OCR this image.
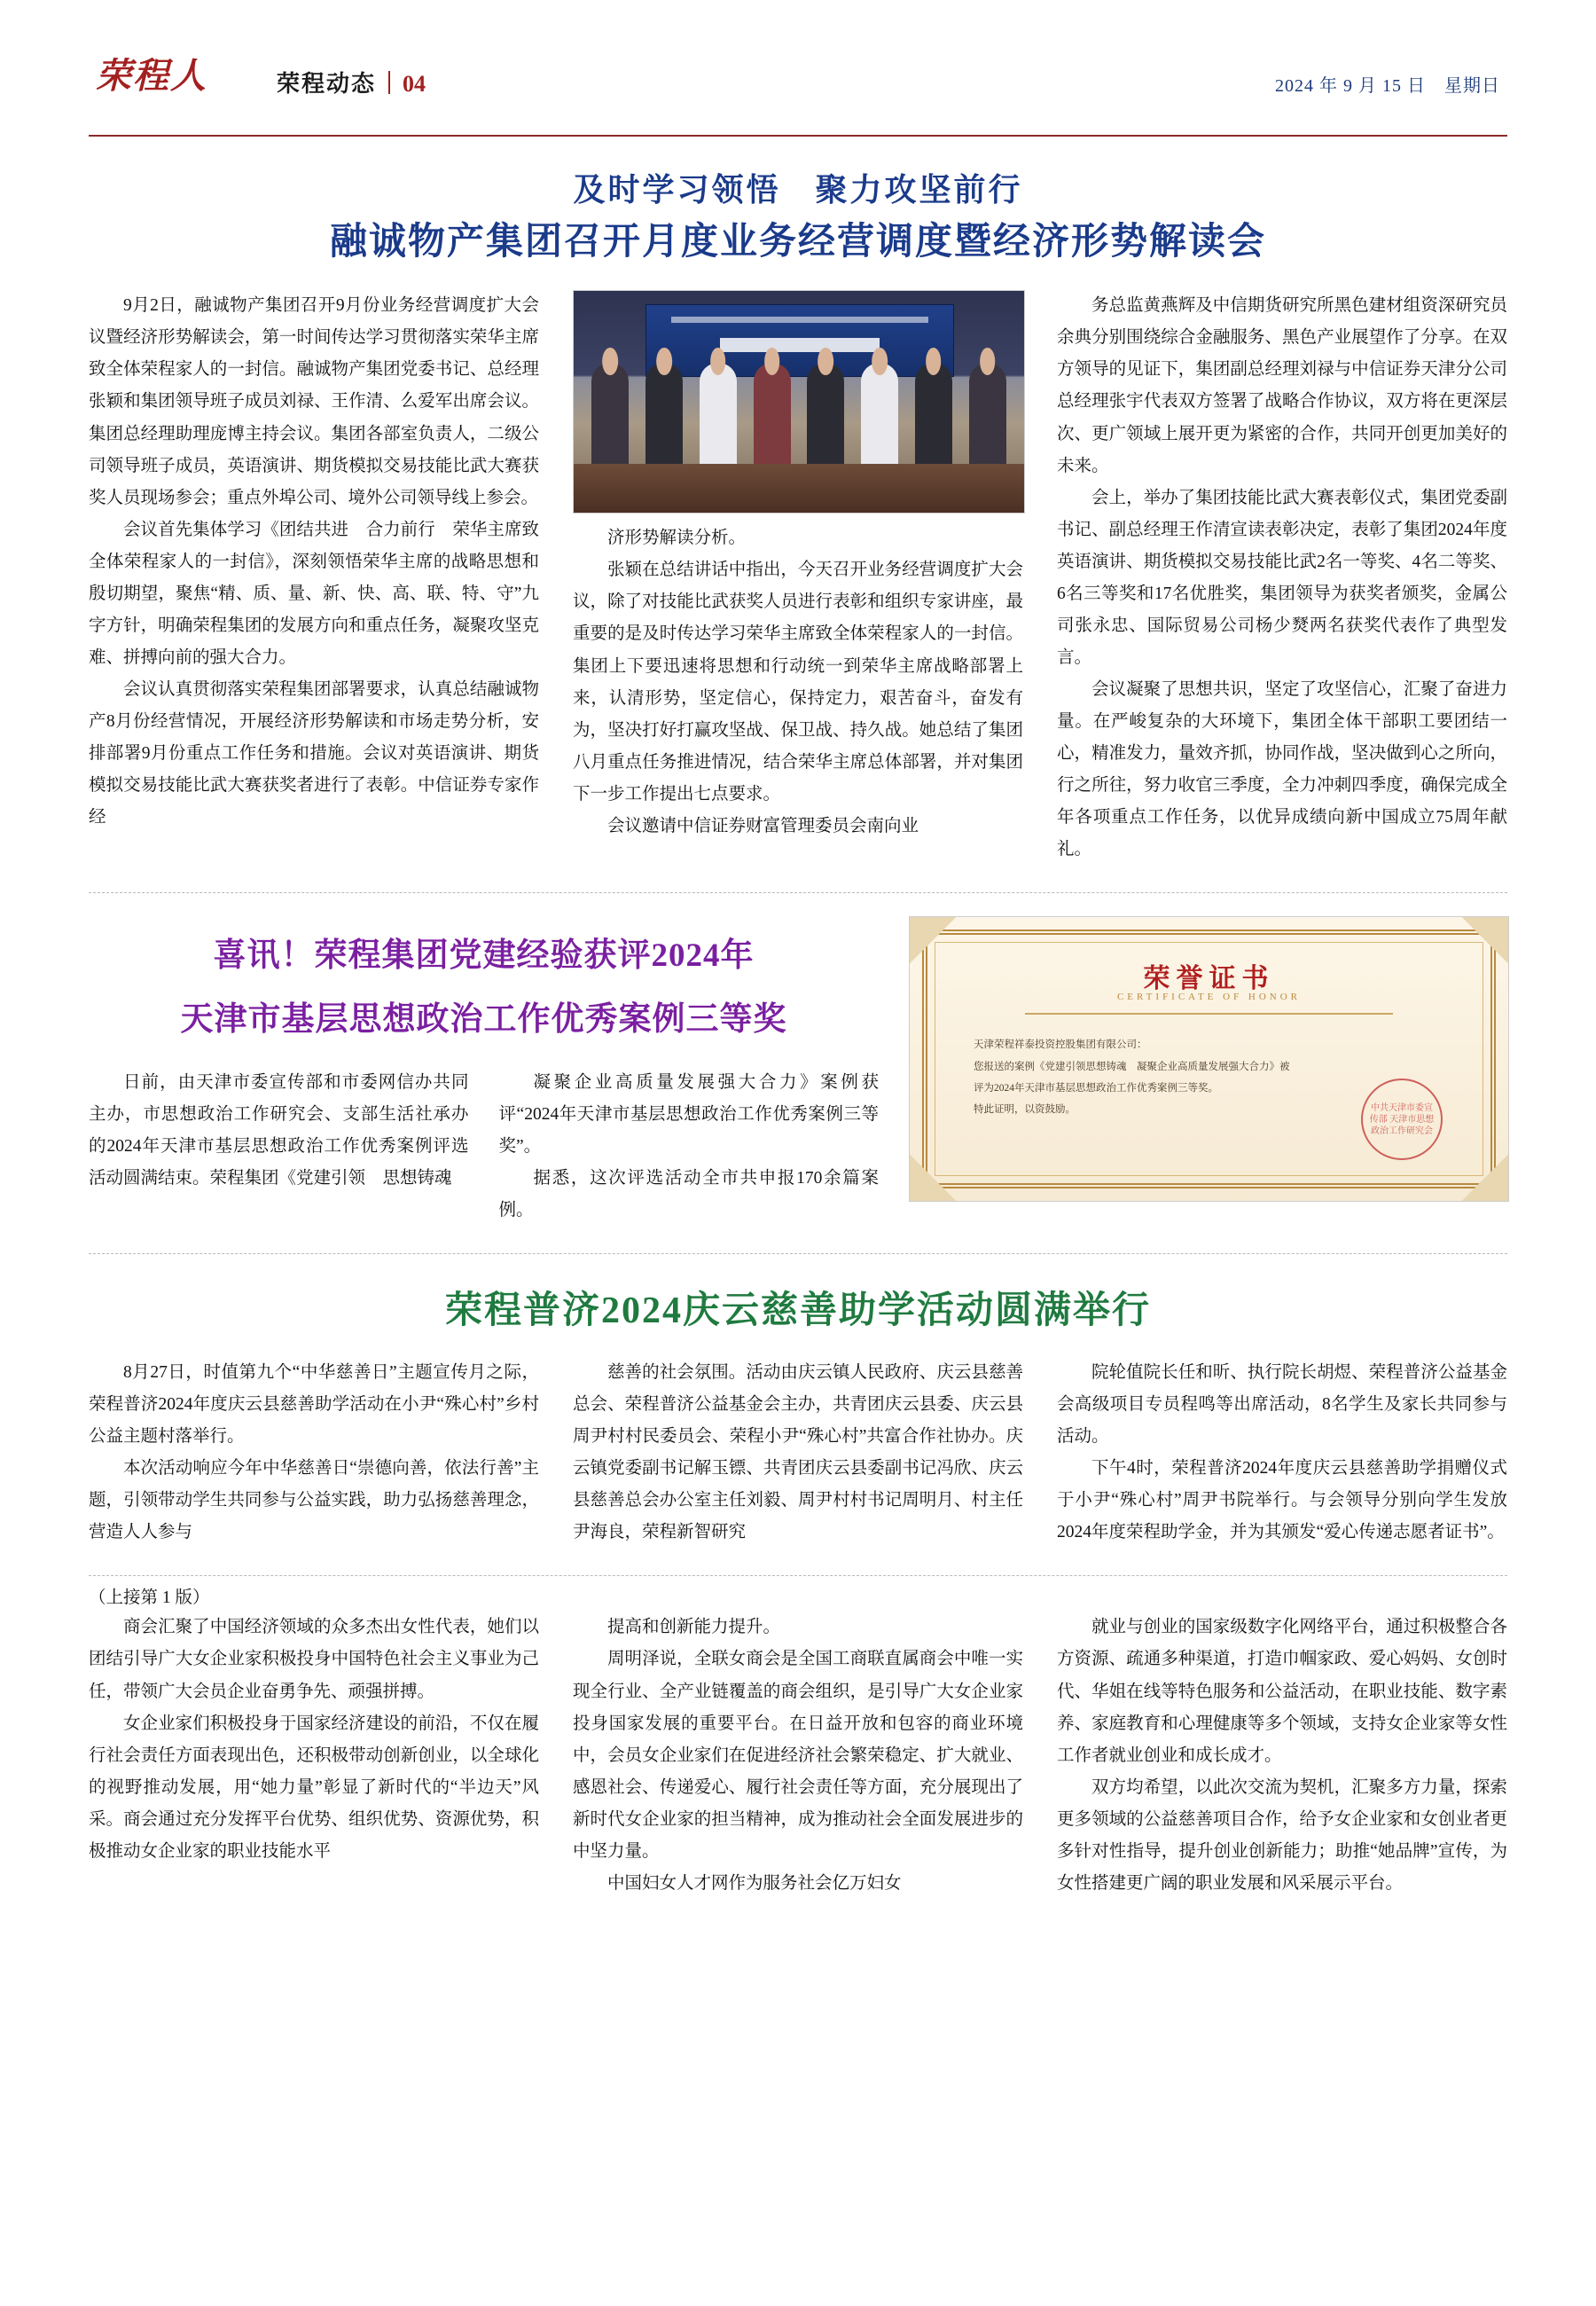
荣程人	荣程动态 04	2024 年 9 月 15 日　星期日
及时学习领悟　聚力攻坚前行
融诚物产集团召开月度业务经营调度暨经济形势解读会

9月2日，融诚物产集团召开9月份业务经营调度扩大会议暨经济形势解读会，第一时间传达学习贯彻落实荣华主席致全体荣程家人的一封信。融诚物产集团党委书记、总经理张颖和集团领导班子成员刘禄、王作清、么爱军出席会议。集团总经理助理庞博主持会议。集团各部室负责人，二级公司领导班子成员，英语演讲、期货模拟交易技能比武大赛获奖人员现场参会；重点外埠公司、境外公司领导线上参会。

会议首先集体学习《团结共进　合力前行　荣华主席致全体荣程家人的一封信》，深刻领悟荣华主席的战略思想和殷切期望，聚焦“精、质、量、新、快、高、联、特、守”九字方针，明确荣程集团的发展方向和重点任务，凝聚攻坚克难、拼搏向前的强大合力。

会议认真贯彻落实荣程集团部署要求，认真总结融诚物产8月份经营情况，开展经济形势解读和市场走势分析，安排部署9月份重点工作任务和措施。会议对英语演讲、期货模拟交易技能比武大赛获奖者进行了表彰。中信证券专家作经

济形势解读分析。

张颖在总结讲话中指出，今天召开业务经营调度扩大会议，除了对技能比武获奖人员进行表彰和组织专家讲座，最重要的是及时传达学习荣华主席致全体荣程家人的一封信。集团上下要迅速将思想和行动统一到荣华主席战略部署上来，认清形势，坚定信心，保持定力，艰苦奋斗，奋发有为，坚决打好打赢攻坚战、保卫战、持久战。她总结了集团八月重点任务推进情况，结合荣华主席总体部署，并对集团下一步工作提出七点要求。

会议邀请中信证券财富管理委员会南向业

务总监黄燕辉及中信期货研究所黑色建材组资深研究员余典分别围绕综合金融服务、黑色产业展望作了分享。在双方领导的见证下，集团副总经理刘禄与中信证券天津分公司总经理张宇代表双方签署了战略合作协议，双方将在更深层次、更广领域上展开更为紧密的合作，共同开创更加美好的未来。

会上，举办了集团技能比武大赛表彰仪式，集团党委副书记、副总经理王作清宣读表彰决定，表彰了集团2024年度英语演讲、期货模拟交易技能比武2名一等奖、4名二等奖、6名三等奖和17名优胜奖，集团领导为获奖者颁奖，金属公司张永忠、国际贸易公司杨少燹两名获奖代表作了典型发言。

会议凝聚了思想共识，坚定了攻坚信心，汇聚了奋进力量。在严峻复杂的大环境下，集团全体干部职工要团结一心，精准发力，量效齐抓，协同作战，坚决做到心之所向，行之所往，努力收官三季度，全力冲刺四季度，确保完成全年各项重点工作任务，以优异成绩向新中国成立75周年献礼。

喜讯！荣程集团党建经验获评2024年
天津市基层思想政治工作优秀案例三等奖

日前，由天津市委宣传部和市委网信办共同主办，市思想政治工作研究会、支部生活社承办的2024年天津市基层思想政治工作优秀案例评选活动圆满结束。荣程集团《党建引领　思想铸魂

凝聚企业高质量发展强大合力》案例获评“2024年天津市基层思想政治工作优秀案例三等奖”。

据悉，这次评选活动全市共申报170余篇案例。

荣誉证书
CERTIFICATE OF HONOR
天津荣程祥泰投资控股集团有限公司：
您报送的案例《党建引领思想铸魂　凝聚企业高质量发展强大合力》被
评为2024年天津市基层思想政治工作优秀案例三等奖。
特此证明，以资鼓励。	中共天津市委宣传部 天津市思想政治工作研究会
荣程普济2024庆云慈善助学活动圆满举行

8月27日，时值第九个“中华慈善日”主题宣传月之际，荣程普济2024年度庆云县慈善助学活动在小尹“殊心村”乡村公益主题村落举行。

本次活动响应今年中华慈善日“崇德向善，依法行善”主题，引领带动学生共同参与公益实践，助力弘扬慈善理念，营造人人参与

慈善的社会氛围。活动由庆云镇人民政府、庆云县慈善总会、荣程普济公益基金会主办，共青团庆云县委、庆云县周尹村村民委员会、荣程小尹“殊心村”共富合作社协办。庆云镇党委副书记解玉镖、共青团庆云县委副书记冯欣、庆云县慈善总会办公室主任刘毅、周尹村村书记周明月、村主任尹海良，荣程新智研究

院轮值院长任和昕、执行院长胡煜、荣程普济公益基金会高级项目专员程鸣等出席活动，8名学生及家长共同参与活动。

下午4时，荣程普济2024年度庆云县慈善助学捐赠仪式于小尹“殊心村”周尹书院举行。与会领导分别向学生发放2024年度荣程助学金，并为其颁发“爱心传递志愿者证书”。

（上接第 1 版）

商会汇聚了中国经济领域的众多杰出女性代表，她们以团结引导广大女企业家积极投身中国特色社会主义事业为己任，带领广大会员企业奋勇争先、顽强拼搏。

女企业家们积极投身于国家经济建设的前沿，不仅在履行社会责任方面表现出色，还积极带动创新创业，以全球化的视野推动发展，用“她力量”彰显了新时代的“半边天”风采。商会通过充分发挥平台优势、组织优势、资源优势，积极推动女企业家的职业技能水平

提高和创新能力提升。

周明泽说，全联女商会是全国工商联直属商会中唯一实现全行业、全产业链覆盖的商会组织，是引导广大女企业家投身国家发展的重要平台。在日益开放和包容的商业环境中，会员女企业家们在促进经济社会繁荣稳定、扩大就业、感恩社会、传递爱心、履行社会责任等方面，充分展现出了新时代女企业家的担当精神，成为推动社会全面发展进步的中坚力量。

中国妇女人才网作为服务社会亿万妇女

就业与创业的国家级数字化网络平台，通过积极整合各方资源、疏通多种渠道，打造巾帼家政、爱心妈妈、女创时代、华姐在线等特色服务和公益活动，在职业技能、数字素养、家庭教育和心理健康等多个领域，支持女企业家等女性工作者就业创业和成长成才。

双方均希望，以此次交流为契机，汇聚多方力量，探索更多领域的公益慈善项目合作，给予女企业家和女创业者更多针对性指导，提升创业创新能力；助推“她品牌”宣传，为女性搭建更广阔的职业发展和风采展示平台。
